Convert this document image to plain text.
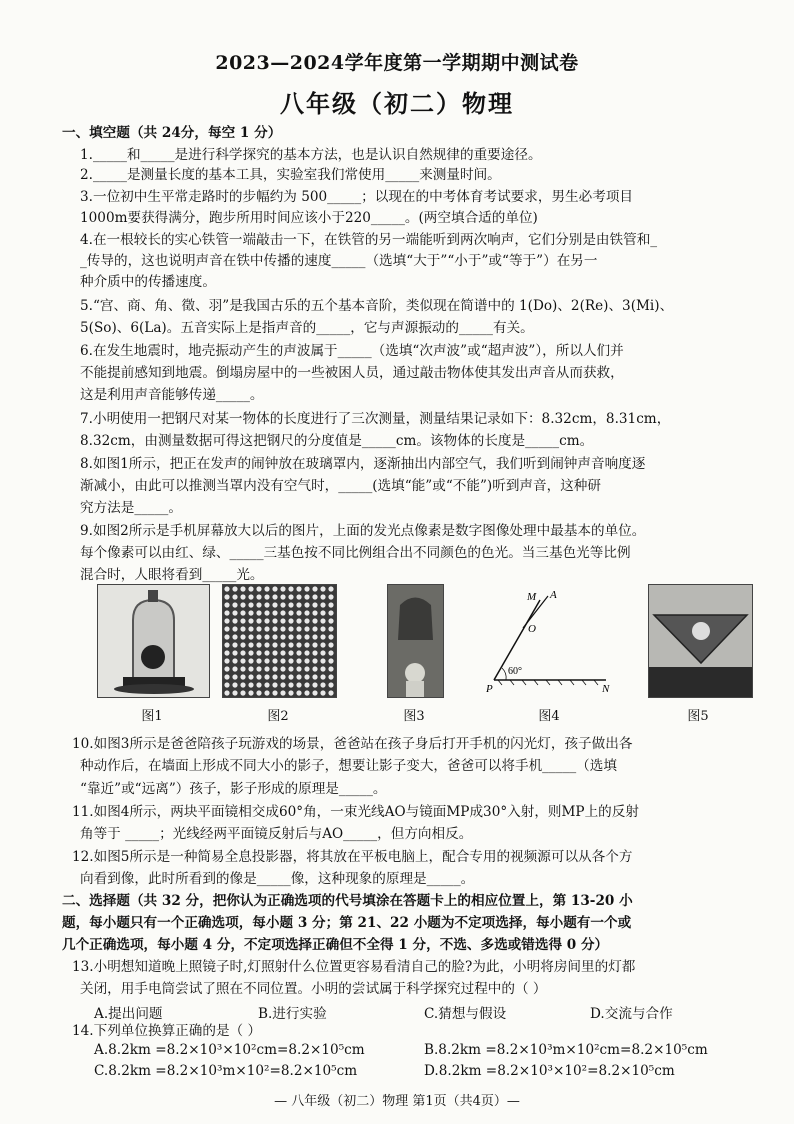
2023—2024学年度第一学期期中测试卷
八年级（初二）物理
一、填空题（共 24分，每空 1 分）
1._____和_____是进行科学探究的基本方法，也是认识自然规律的重要途径。
2._____是测量长度的基本工具，实验室我们常使用_____来测量时间。
3.一位初中生平常走路时的步幅约为 500_____；以现在的中考体育考试要求，男生必考项目
1000m要获得满分，跑步所用时间应该小于220_____。(两空填合适的单位)
4.在一根较长的实心铁管一端敲击一下，在铁管的另一端能听到两次响声，它们分别是由铁管和_
_传导的，这也说明声音在铁中传播的速度_____（选填“大于”“小于”或“等于”）在另一
种介质中的传播速度。
5.“宫、商、角、徵、羽”是我国古乐的五个基本音阶，类似现在简谱中的 1(Do)、2(Re)、3(Mi)、
5(So)、6(La)。五音实际上是指声音的_____，它与声源振动的_____有关。
6.在发生地震时，地壳振动产生的声波属于_____（选填“次声波”或“超声波”），所以人们并
不能提前感知到地震。倒塌房屋中的一些被困人员，通过敲击物体使其发出声音从而获救，
这是利用声音能够传递_____。
7.小明使用一把钢尺对某一物体的长度进行了三次测量，测量结果记录如下：8.32cm，8.31cm，
8.32cm，由测量数据可得这把钢尺的分度值是_____cm。该物体的长度是_____cm。
8.如图1所示，把正在发声的闹钟放在玻璃罩内，逐渐抽出内部空气，我们听到闹钟声音响度逐
渐减小，由此可以推测当罩内没有空气时，_____(选填“能”或“不能”)听到声音，这种研
究方法是_____。
9.如图2所示是手机屏幕放大以后的图片，上面的发光点像素是数字图像处理中最基本的单位。
每个像素可以由红、绿、_____三基色按不同比例组合出不同颜色的色光。当三基色光等比例
混合时，人眼将看到_____光。
M A
O
P	N
60°
图1	图2	图3	图4	图5
10.如图3所示是爸爸陪孩子玩游戏的场景，爸爸站在孩子身后打开手机的闪光灯，孩子做出各
种动作后，在墙面上形成不同大小的影子，想要让影子变大，爸爸可以将手机_____（选填
“靠近”或“远离”）孩子，影子形成的原理是_____。
11.如图4所示，两块平面镜相交成60°角，一束光线AO与镜面MP成30°入射，则MP上的反射
角等于 _____；光线经两平面镜反射后与AO_____，但方向相反。
12.如图5所示是一种简易全息投影器，将其放在平板电脑上，配合专用的视频源可以从各个方
向看到像，此时所看到的像是_____像，这种现象的原理是_____。
二、选择题（共 32 分，把你认为正确选项的代号填涂在答题卡上的相应位置上，第 13-20 小
题，每小题只有一个正确选项，每小题 3 分；第 21、22 小题为不定项选择，每小题有一个或
几个正确选项，每小题 4 分，不定项选择正确但不全得 1 分，不选、多选或错选得 0 分）
13.小明想知道晚上照镜子时,灯照射什么位置更容易看清自己的脸?为此，小明将房间里的灯都
关闭，用手电筒尝试了照在不同位置。小明的尝试属于科学探究过程中的（ ）
A.提出问题	B.进行实验	C.猜想与假设	D.交流与合作
14.下列单位换算正确的是（ ）
A.8.2km =8.2×10³×10²cm=8.2×10⁵cm	B.8.2km =8.2×10³m×10²cm=8.2×10⁵cm
C.8.2km =8.2×10³m×10²=8.2×10⁵cm	D.8.2km =8.2×10³×10²=8.2×10⁵cm
— 八年级（初二）物理 第1页（共4页）—
